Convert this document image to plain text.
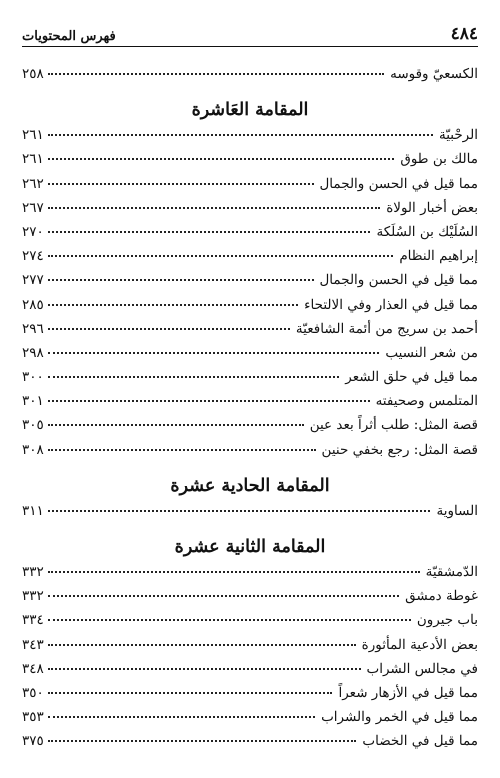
٤٨٤
فهرس المحتويات
الكسعيّ وقوسه
٢٥٨
المقامة العَاشرة
الرحْبيّة
٢٦١
مالك بن طوق
٢٦١
مما قيل في الحسن والجمال
٢٦٢
بعض أخبار الولاة
٢٦٧
السُلَيْك بن السُلَكة
٢٧٠
إبراهيم النظام
٢٧٤
مما قيل في الحسن والجمال
٢٧٧
مما قيل في العذار وفي الالتحاء
٢٨٥
أحمد بن سريج من أئمة الشافعيّة
٢٩٦
من شعر النسيب
٢٩٨
مما قيل في حلق الشعر
٣٠٠
المتلمس وصحيفته
٣٠١
قصة المثل: طلب أثراً بعد عين
٣٠٥
قصة المثل: رجع بخفي حنين
٣٠٨
المقامة الحادية عشرة
الساوية
٣١١
المقامة الثانية عشرة
الدّمشقيّة
٣٣٢
غوطة دمشق
٣٣٢
باب جيرون
٣٣٤
بعض الأدعية المأثورة
٣٤٣
في مجالس الشراب
٣٤٨
مما قيل في الأزهار شعراً
٣٥٠
مما قيل في الخمر والشراب
٣٥٣
مما قيل في الخضاب
٣٧٥
